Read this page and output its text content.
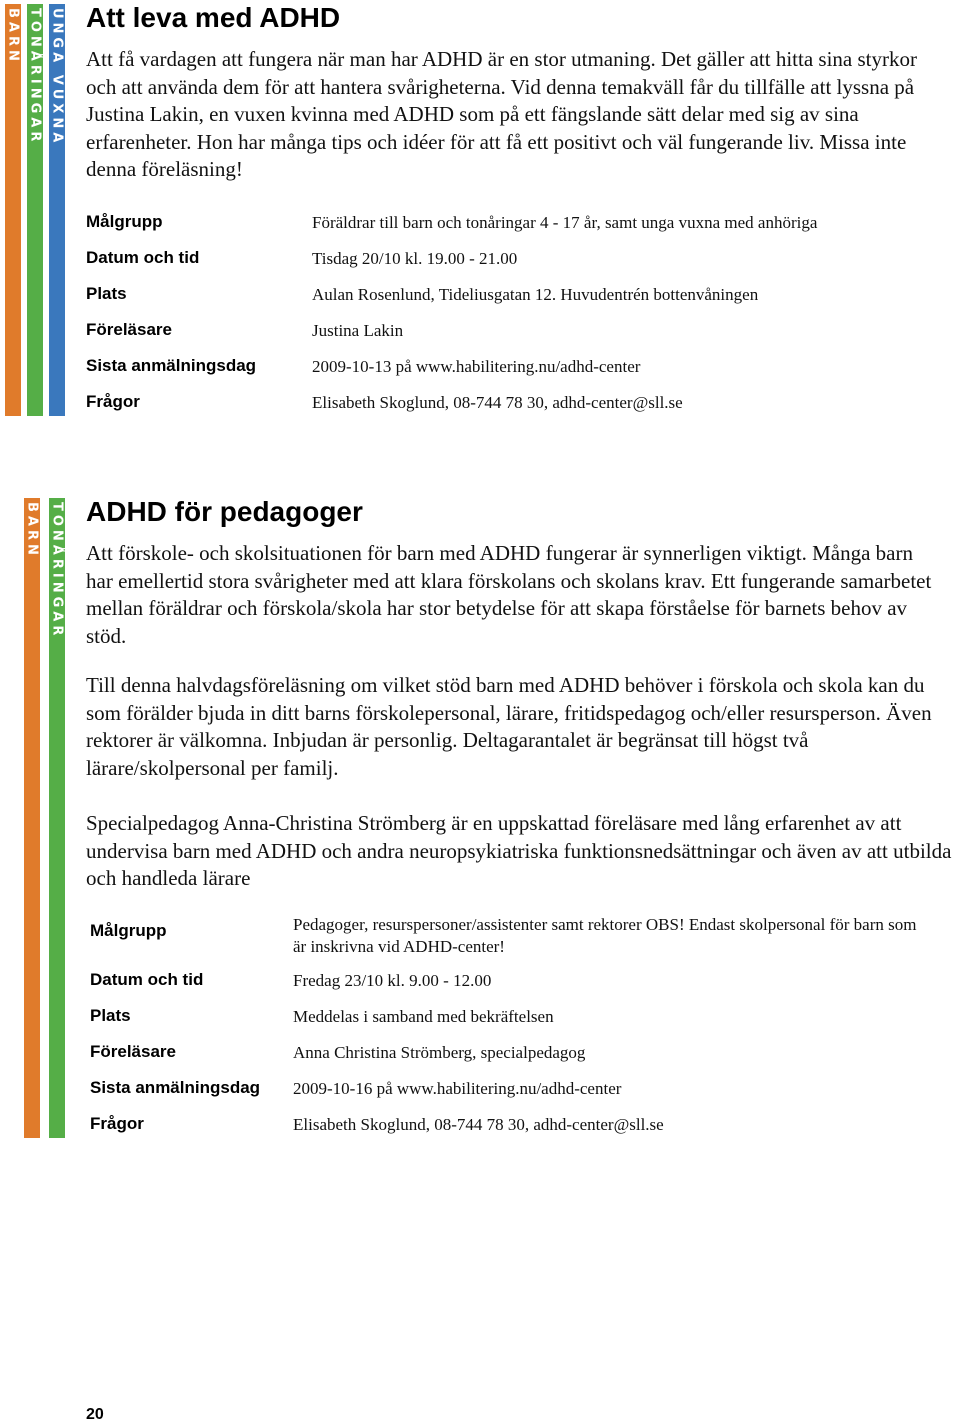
BARN TONÅRINGAR UNGA VUXNA Att leva med ADHD

Att få vardagen att fungera när man har ADHD är en stor utmaning. Det gäller att hitta sina styrkor och att använda dem för att hantera svårigheterna. Vid denna temakväll får du tillfälle att lyssna på Justina Lakin, en vuxen kvinna med ADHD som på ett fängslande sätt delar med sig av sina erfarenheter. Hon har många tips och idéer för att få ett positivt och väl fungerande liv. Missa inte denna föreläsning!

Målgrupp	Föräldrar till barn och tonåringar 4 - 17 år, samt unga vuxna med anhöriga
Datum och tid	Tisdag 20/10 kl. 19.00 - 21.00
Plats	Aulan Rosenlund, Tideliusgatan 12. Huvudentrén bottenvåningen
Föreläsare	Justina Lakin
Sista anmälningsdag	2009-10-13 på www.habilitering.nu/adhd-center
Frågor	Elisabeth Skoglund, 08-744 78 30, adhd-center@sll.se
BARN TONÅRINGAR ADHD för pedagoger

Att förskole- och skolsituationen för barn med ADHD fungerar är synnerligen viktigt. Många barn har emellertid stora svårigheter med att klara förskolans och skolans krav. Ett fungerande samarbetet mellan föräldrar och förskola/skola har stor betydelse för att skapa förståelse för barnets behov av stöd.

Till denna halvdagsföreläsning om vilket stöd barn med ADHD behöver i förskola och skola kan du som förälder bjuda in ditt barns förskolepersonal, lärare, fritidspedagog och/eller resursperson. Även rektorer är välkomna. Inbjudan är personlig. Deltagarantalet är begränsat till högst två lärare/skolpersonal per familj.

Specialpedagog Anna-Christina Strömberg är en uppskattad föreläsare med lång erfarenhet av att undervisa barn med ADHD och andra neuropsykiatriska funktionsnedsättningar och även av att utbilda och handleda lärare

Målgrupp	Pedagoger, resurspersoner/assistenter samt rektorer OBS! Endast skolpersonal för barn som är inskrivna vid ADHD-center!
Datum och tid	Fredag 23/10 kl. 9.00 - 12.00
Plats	Meddelas i samband med bekräftelsen
Föreläsare	Anna Christina Strömberg, specialpedagog
Sista anmälningsdag 2009-10-16 på www.habilitering.nu/adhd-center
Frågor	Elisabeth Skoglund, 08-744 78 30, adhd-center@sll.se
20
